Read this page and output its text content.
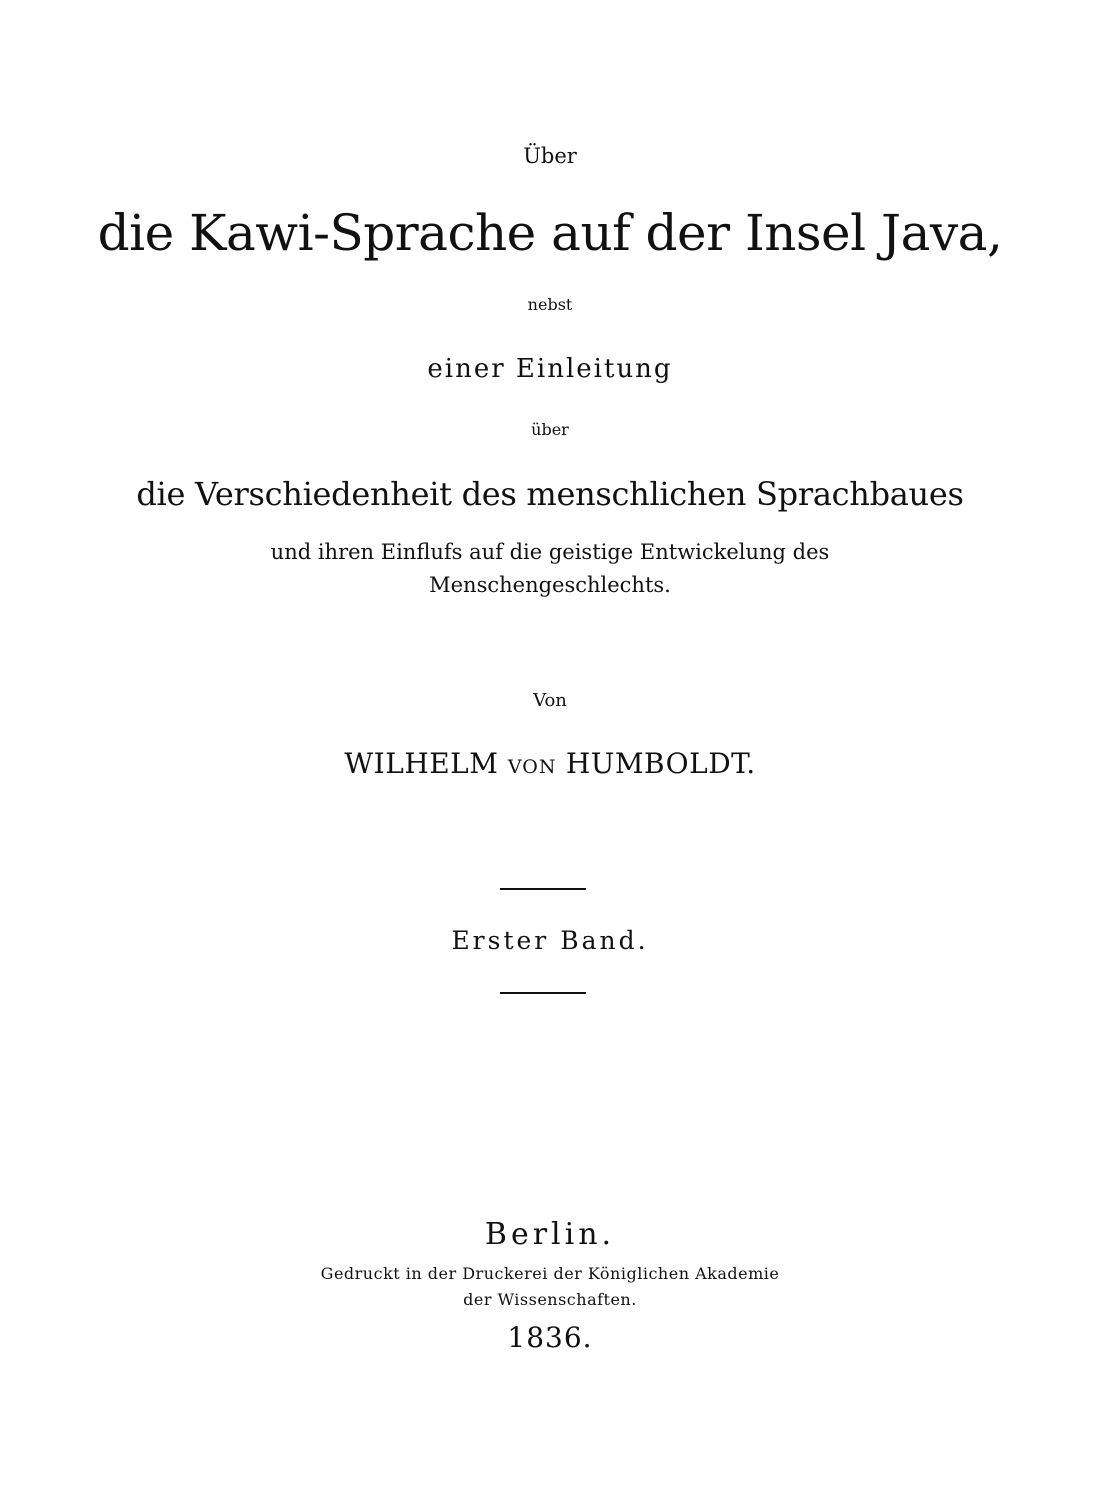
Über
die Kawi-Sprache auf der Insel Java,
nebst
einer Einleitung
über
die Verschiedenheit des menschlichen Sprachbaues
und ihren Einflufs auf die geistige Entwickelung des
Menschengeschlechts.
Von
WILHELM VON HUMBOLDT.
Erster Band.
Berlin.
Gedruckt in der Druckerei der Königlichen Akademie
der Wissenschaften.
1836.
